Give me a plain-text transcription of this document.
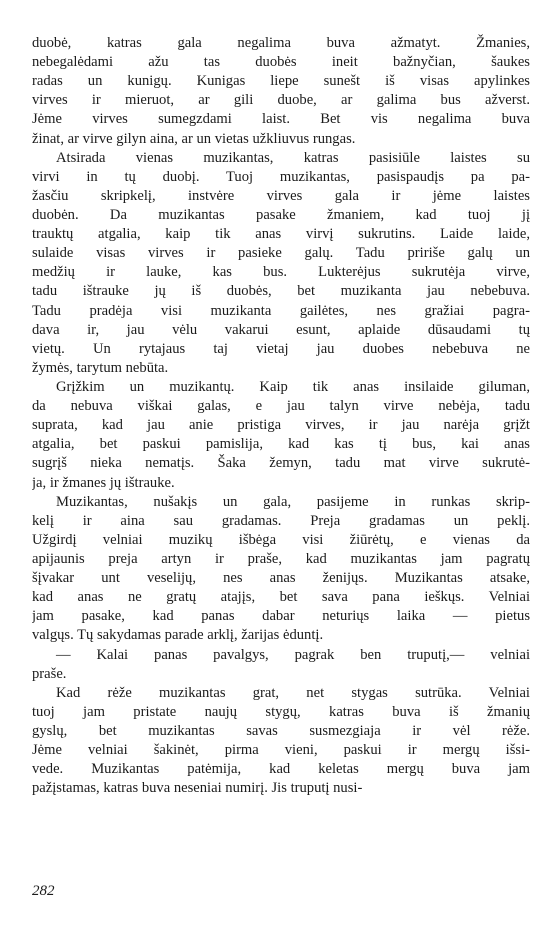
duobė, katras gala negalima buva ažmatyt. Žmanies,
nebegalėdami ažu tas duobės ineit bažnyčian, šaukes
radas un kunigų. Kunigas liepe sunešt iš visas apylinkes
virves ir mieruot, ar gili duobe, ar galima bus ažverst.
Jėme virves sumegzdami laist. Bet vis negalima buva
žinat, ar virve gilyn aina, ar un vietas užkliuvus rungas.
Atsirada vienas muzikantas, katras pasisiūle laistes su
virvi in tų duobį. Tuoj muzikantas, pasispaudįs pa pa-
žasčiu skripkelį, instvėre virves gala ir jėme laistes
duobėn. Da muzikantas pasake žmaniem, kad tuoj jį
trauktų atgalia, kaip tik anas virvį sukrutins. Laide laide,
sulaide visas virves ir pasieke galų. Tadu pririše galų un
medžių ir lauke, kas bus. Lukterėjus sukrutėja virve,
tadu ištrauke jų iš duobės, bet muzikanta jau nebebuva.
Tadu pradėja visi muzikanta gailėtes, nes gražiai pagra-
dava ir, jau vėlu vakarui esunt, aplaide dūsaudami tų
vietų. Un rytajaus taj vietaj jau duobes nebebuva ne
žymės, tarytum nebūta.
Grįžkim un muzikantų. Kaip tik anas insilaide giluman,
da nebuva viškai galas, e jau talyn virve nebėja, tadu
suprata, kad jau anie pristiga virves, ir jau narėja grįžt
atgalia, bet paskui pamislija, kad kas tį bus, kai anas
sugrįš nieka nematįs. Šaka žemyn, tadu mat virve sukrutė-
ja, ir žmanes jų ištrauke.
Muzikantas, nušakįs un gala, pasijeme in runkas skrip-
kelį ir aina sau gradamas. Preja gradamas un peklį.
Užgirdį velniai muzikų išbėga visi žiūrėtų, e vienas da
apijaunis preja artyn ir praše, kad muzikantas jam pagratų
šįvakar unt veselijų, nes anas ženijųs. Muzikantas atsake,
kad anas ne gratų atajįs, bet sava pana ieškųs. Velniai
jam pasake, kad panas dabar neturiųs laika — pietus
valgųs. Tų sakydamas parade arklį, žarijas ėduntį.
— Kalai panas pavalgys, pagrak ben truputį,— velniai
praše.
Kad rėže muzikantas grat, net stygas sutrūka. Velniai
tuoj jam pristate naujų stygų, katras buva iš žmanių
gyslų, bet muzikantas savas susmezgiaja ir vėl rėže.
Jėme velniai šakinėt, pirma vieni, paskui ir mergų išsi-
vede. Muzikantas patėmija, kad keletas mergų buva jam
pažįstamas, katras buva neseniai numirį. Jis truputį nusi-
282
